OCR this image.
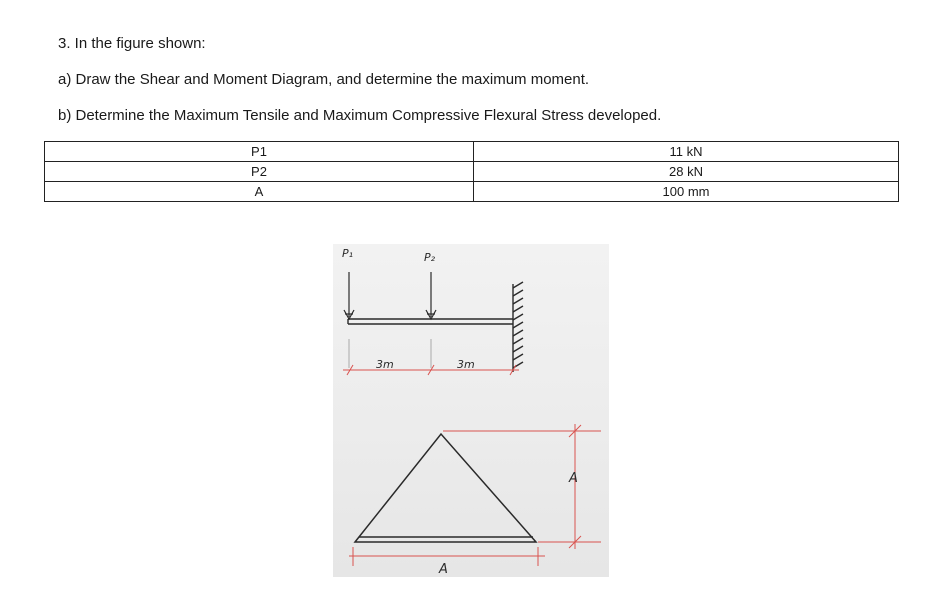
3. In the figure shown:
a) Draw the Shear and Moment Diagram, and determine the maximum moment.
b) Determine the Maximum Tensile and Maximum Compressive Flexural Stress developed.
P1	11 kN
P2	28 kN
A	100 mm
P₁	P₂
3m	3m
A
A
